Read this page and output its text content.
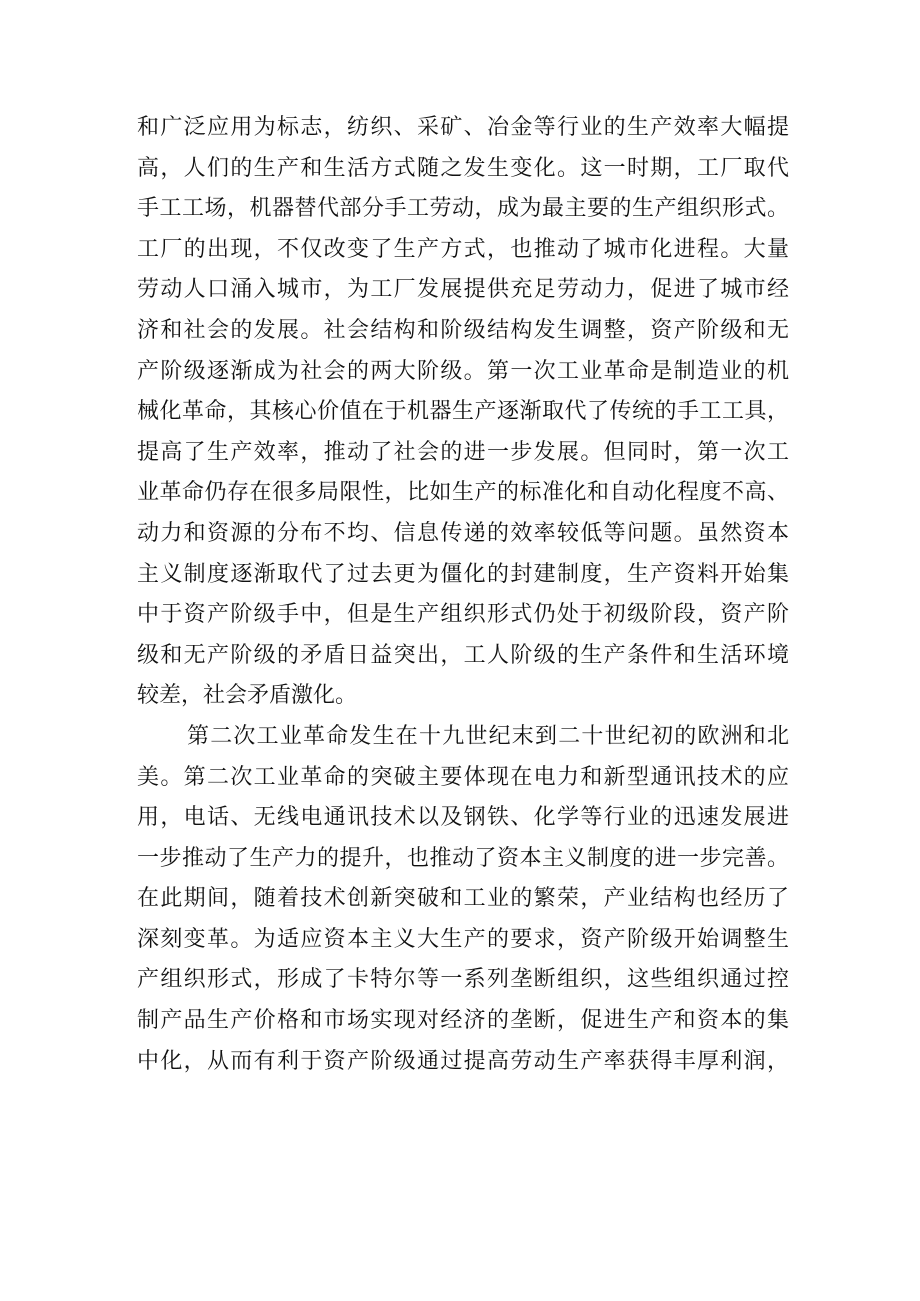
和广泛应用为标志，纺织、采矿、冶金等行业的生产效率大幅提
高，人们的生产和生活方式随之发生变化。这一时期，工厂取代
手工工场，机器替代部分手工劳动，成为最主要的生产组织形式。
工厂的出现，不仅改变了生产方式，也推动了城市化进程。大量
劳动人口涌入城市，为工厂发展提供充足劳动力，促进了城市经
济和社会的发展。社会结构和阶级结构发生调整，资产阶级和无
产阶级逐渐成为社会的两大阶级。第一次工业革命是制造业的机
械化革命，其核心价值在于机器生产逐渐取代了传统的手工工具，
提高了生产效率，推动了社会的进一步发展。但同时，第一次工
业革命仍存在很多局限性，比如生产的标准化和自动化程度不高、
动力和资源的分布不均、信息传递的效率较低等问题。虽然资本
主义制度逐渐取代了过去更为僵化的封建制度，生产资料开始集
中于资产阶级手中，但是生产组织形式仍处于初级阶段，资产阶
级和无产阶级的矛盾日益突出，工人阶级的生产条件和生活环境
较差，社会矛盾激化。
第二次工业革命发生在十九世纪末到二十世纪初的欧洲和北
美。第二次工业革命的突破主要体现在电力和新型通讯技术的应
用，电话、无线电通讯技术以及钢铁、化学等行业的迅速发展进
一步推动了生产力的提升，也推动了资本主义制度的进一步完善。
在此期间，随着技术创新突破和工业的繁荣，产业结构也经历了
深刻变革。为适应资本主义大生产的要求，资产阶级开始调整生
产组织形式，形成了卡特尔等一系列垄断组织，这些组织通过控
制产品生产价格和市场实现对经济的垄断，促进生产和资本的集
中化，从而有利于资产阶级通过提高劳动生产率获得丰厚利润，
